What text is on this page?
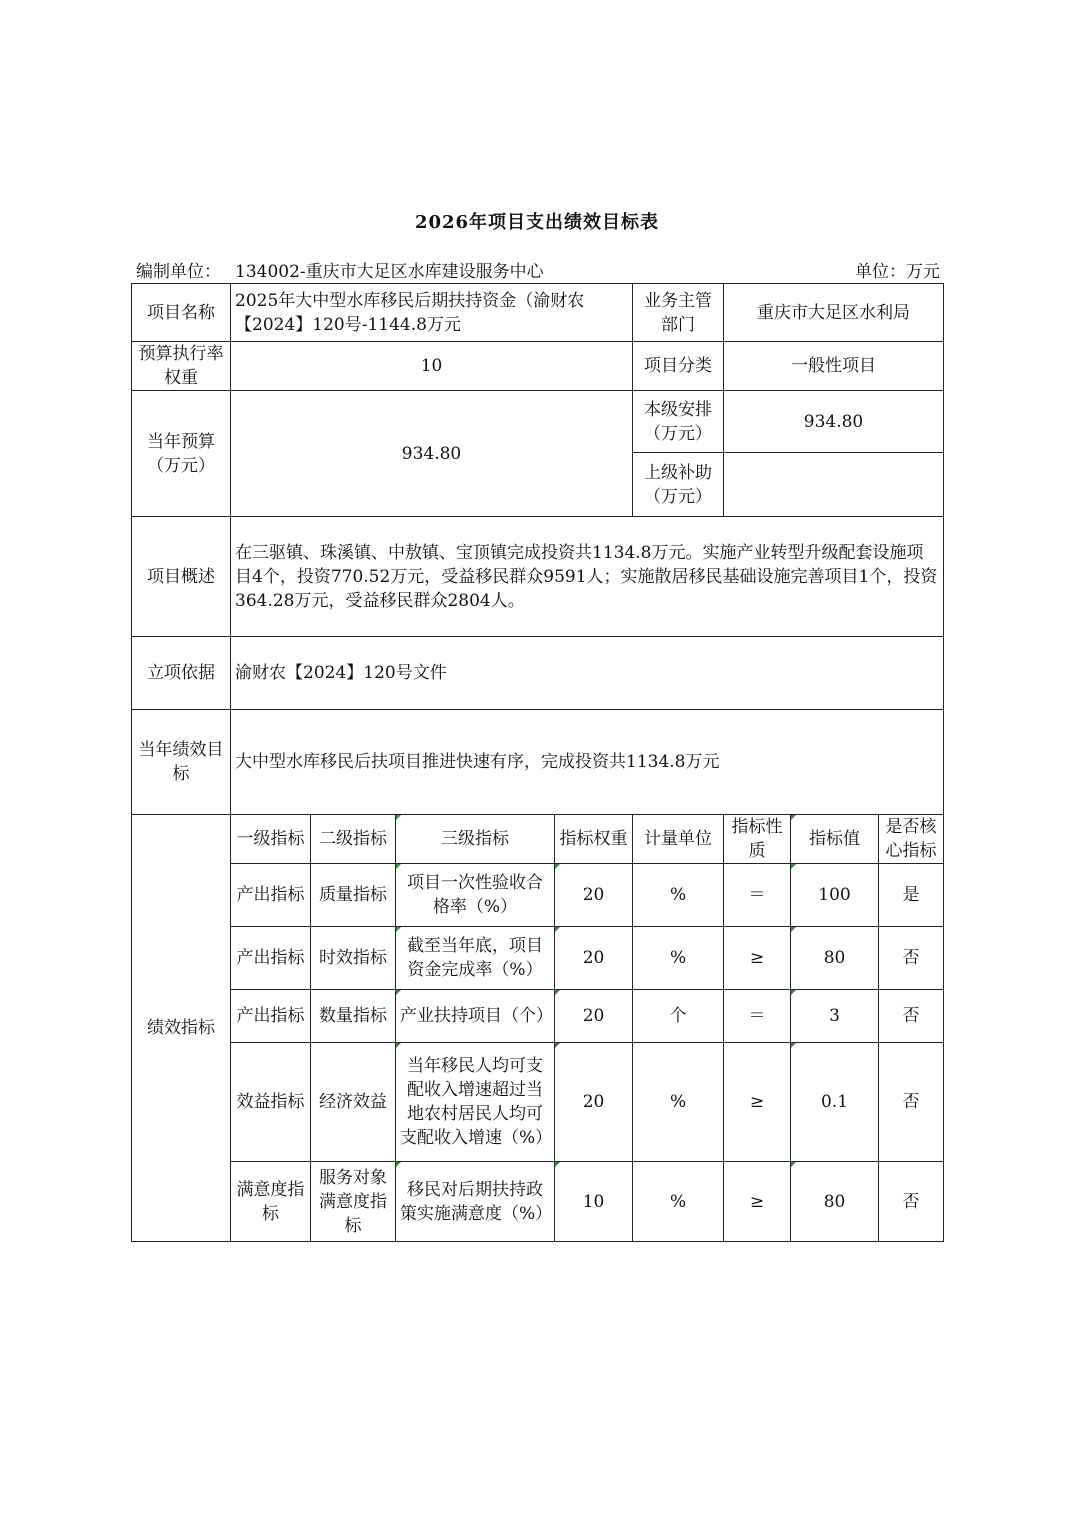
2026年项目支出绩效目标表
编制单位： 134002-重庆市大足区水库建设服务中心	单位：万元
项目名称	2025年大中型水库移民后期扶持资金（渝财农【2024】120号-1144.8万元				业务主管部门	重庆市大足区水利局		
预算执行率权重	10				项目分类	一般性项目		
当年预算（万元）	934.80				本级安排（万元）	934.80		
					上级补助（万元）			
项目概述	在三驱镇、珠溪镇、中敖镇、宝顶镇完成投资共1134.8万元。实施产业转型升级配套设施项目4个，投资770.52万元，受益移民群众9591人；实施散居移民基础设施完善项目1个，投资364.28万元，受益移民群众2804人。							
立项依据	渝财农【2024】120号文件							
当年绩效目标	大中型水库移民后扶项目推进快速有序，完成投资共1134.8万元							
绩效指标	一级指标	二级指标	三级指标	指标权重	计量单位	指标性质	指标值	是否核心指标
	产出指标	质量指标	项目一次性验收合格率（%）	20	%	＝	100	是
	产出指标	时效指标	截至当年底，项目资金完成率（%）	20	%	≥	80	否
	产出指标	数量指标	产业扶持项目（个）	20	个	＝	3	否
	效益指标	经济效益	当年移民人均可支配收入增速超过当地农村居民人均可支配收入增速（%）	20	%	≥	0.1	否
	满意度指标	服务对象满意度指标	移民对后期扶持政策实施满意度（%）	10	%	≥	80	否
